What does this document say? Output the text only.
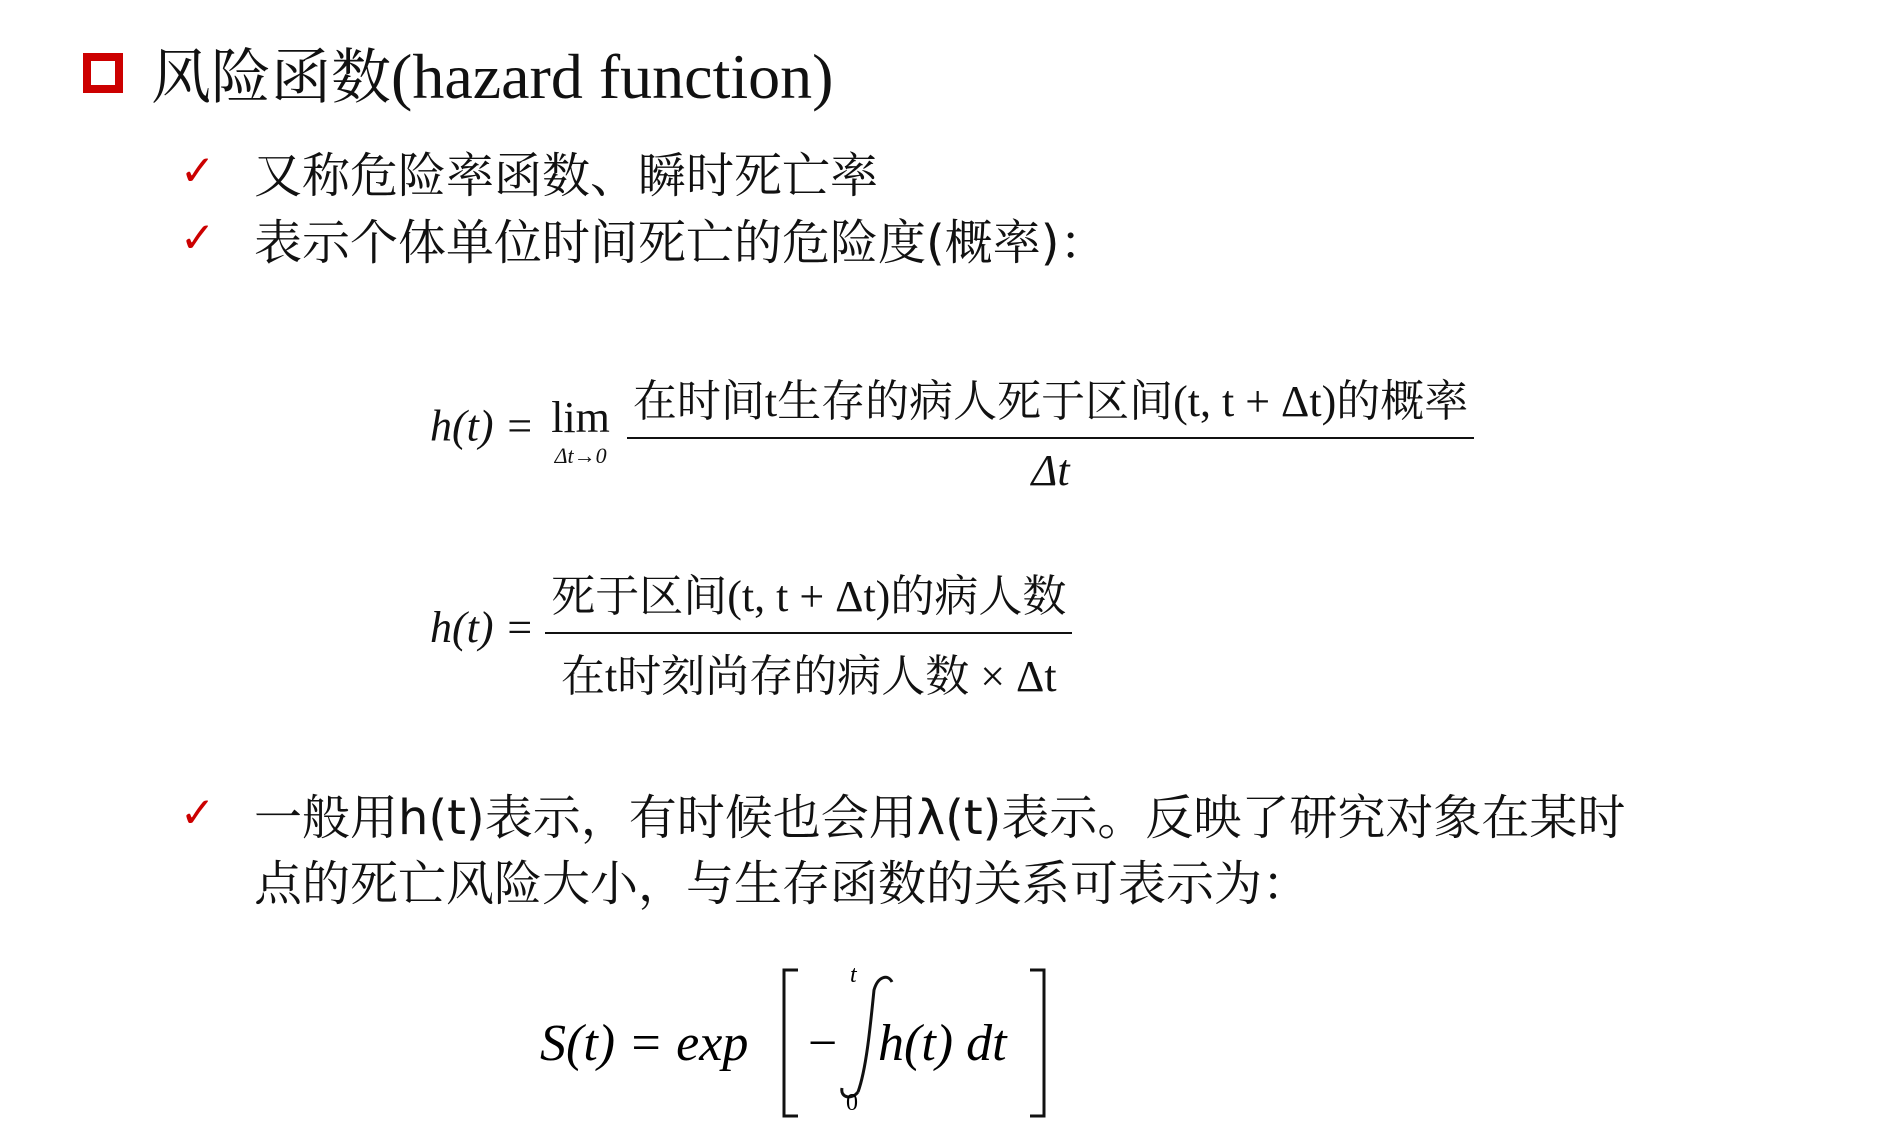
风险函数(hazard function)
✓ 又称危险率函数、瞬时死亡率
✓ 表示个体单位时间死亡的危险度(概率)：
h(t) = lim
Δt→0
$\frac{\text{在时间t生存的病人死于区间(t, t + Δt)的概率}}{\Delta t}$
$h(t) = \frac{\text{死于区间(t, t + Δt)的病人数}}{\text{在t时刻尚存的病人数 × Δt}}$
✓ 一般用h(t)表示，有时候也会用λ(t)表示。反映了研究对象在某时
点的死亡风险大小，与生存函数的关系可表示为：
S(t) = exp −
t
0
h(t) dt
